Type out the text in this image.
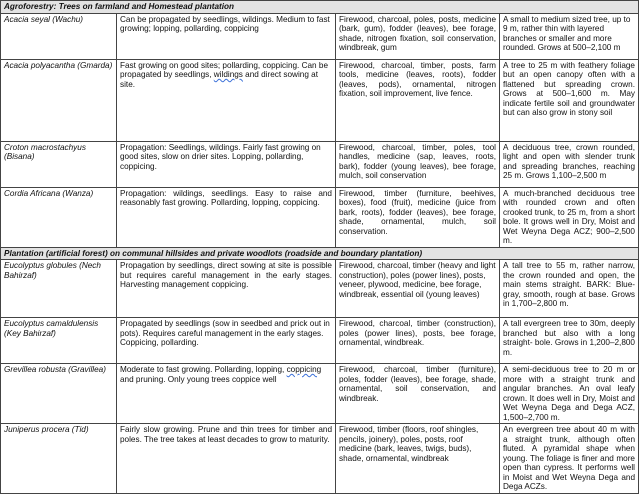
Agroforestry: Trees on farmland and Homestead plantation			
Acacia seyal (Wachu)	Can be propagated by seedlings, wildings. Medium to fast growing; lopping, pollarding, coppicing	Firewood, charcoal, poles, posts, medicine (bark, gum), fodder (leaves), bee forage, shade, nitrogen fixation, soil conservation, windbreak, gum	A small to medium sized tree, up to 9 m, rather thin with layered branches or smaller and more rounded. Grows at 500–2,100 m
Acacia polyacantha (Gmarda)	Fast growing on good sites; pollarding, coppicing. Can be propagated by seedlings, wildings and direct sowing at site.	Firewood, charcoal, timber, posts, farm tools, medicine (leaves, roots), fodder (leaves, pods), ornamental, nitrogen fixation, soil improvement, live fence.	A tree to 25 m with feathery foliage but an open canopy often with a flattened but spreading crown. Grows at 500–1,600 m. May indicate fertile soil and groundwater but can also grow in stony soil
Croton macrostachyus (Bisana)	Propagation: Seedlings, wildings. Fairly fast growing on good sites, slow on drier sites. Lopping, pollarding, coppicing.	Firewood, charcoal, timber, poles, tool handles, medicine (sap, leaves, roots, bark), fodder (young leaves), bee forage, mulch, soil conservation	A deciduous tree, crown rounded, light and open with slender trunk and spreading branches, reaching 25 m. Grows 1,100–2,500 m
Cordia Africana (Wanza)	Propagation: wildings, seedlings. Easy to raise and reasonably fast growing. Pollarding, lopping, coppicing.	Firewood, timber (furniture, beehives, boxes), food (fruit), medicine (juice from bark, roots), fodder (leaves), bee forage, shade, ornamental, mulch, soil conservation.	A much-branched deciduous tree with rounded crown and often crooked trunk, to 25 m, from a short bole. It grows well in Dry, Moist and Wet Weyna Dega ACZ; 900–2,500 m.
Plantation (artificial forest) on communal hillsides and private woodlots (roadside and boundary plantation)			
Eucolyptus globules (Nech Bahirzaf)	Propagation by seedlings, direct sowing at site is possible but requires careful management in the early stages. Harvesting management coppicing.	Firewood, charcoal, timber (heavy and light construction), poles (power lines), posts, veneer, plywood, medicine, bee forage, windbreak, essential oil (young leaves)	A tall tree to 55 m, rather narrow, the crown rounded and open, the main stems straight. BARK: Blue-gray, smooth, rough at base. Grows in 1,700–2,800 m.
Eucolyptus camaldulensis (Key Bahirzaf)	Propagated by seedlings (sow in seedbed and prick out in pots). Requires careful management in the early stages. Coppicing, pollarding.	Firewood, charcoal, timber (construction), poles (power lines), posts, bee forage, ornamental, windbreak.	A tall evergreen tree to 30m, deeply branched but also with a long straight- bole. Grows in 1,200–2,800 m.
Grevillea robusta (Gravillea)	Moderate to fast growing. Pollarding, lopping, coppicing and pruning. Only young trees coppice well	Firewood, charcoal, timber (furniture), poles, fodder (leaves), bee forage, shade, ornamental, soil conservation, and windbreak.	A semi-deciduous tree to 20 m or more with a straight trunk and angular branches. An oval leafy crown. It does well in Dry, Moist and Wet Weyna Dega and Dega ACZ, 1,500–2,700 m.
Juniperus procera (Tid)	Fairly slow growing. Prune and thin trees for timber and poles. The tree takes at least decades to grow to maturity.	Firewood, timber (floors, roof shingles, pencils, joinery), poles, posts, roof medicine (bark, leaves, twigs, buds), shade, ornamental, windbreak	An evergreen tree about 40 m with a straight trunk, although often fluted. A pyramidal shape when young. The foliage is finer and more open than cypress. It performs well in Moist and Wet Weyna Dega and Dega ACZs.
